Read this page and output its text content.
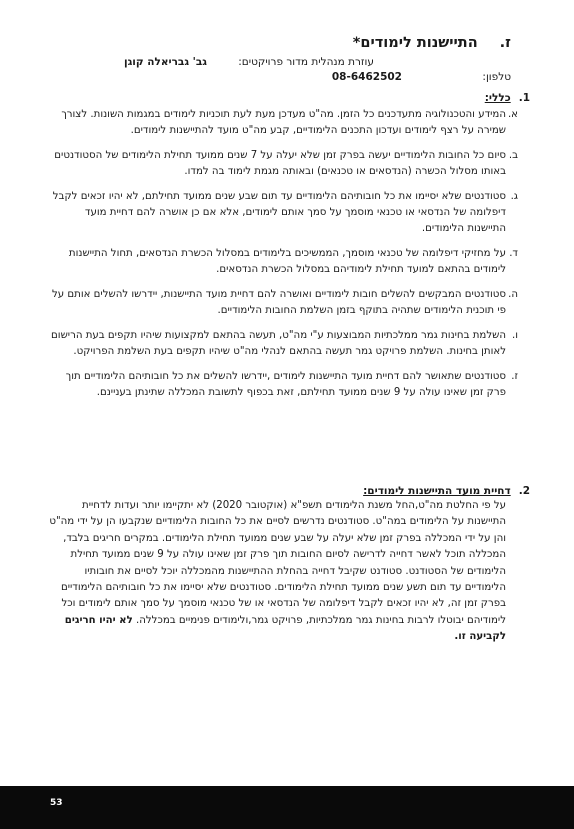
ז.התיישנות לימודים*
עוזרת מנהלית מדור פרויקטים:
גב' גבריאלה קוגן
טלפון:
08-6462502
1.כללי:
א.
המידע והטכנולוגיה מתעדכנים כל הזמן. מה"ט מעדכן מעת לעת תוכניות לימודים במגמות השונות. לצורך שמירה על רצף לימודים ועדכון התכנים הלימודיים, קבע מה"ט מועד להתיישנות לימודים.
ב.
סיום כל החובות הלימודיים יעשה בפרק זמן שלא יעלה על 7 שנים ממועד תחילת הלימודים של הסטודנטים באותו מסלול הכשרה (הנדסאים או טכנאים) ובאותה מגמת לימוד בה למדו.
ג.
סטודנטים שלא יסיימו את כל חובותיהם הלימודיים עד תום שבע שנים ממועד תחילתם, לא יהיו זכאים לקבל דיפלומה של הנדסאי או טכנאי מוסמך על סמך אותם לימודים, אלא אם כן אושרה להם דחיית מועד התיישנות הלימודים.
ד.
על מחזיקי דיפלומה של טכנאי מוסמך, הממשיכים בלימודים במסלול הכשרת הנדסאים, תחול התיישנות לימודים בהתאם למועד תחילת לימודיהם במסלול הכשרת הנדסאים.
ה.
סטודנטים המבקשים להשלים חובות לימודיים ואושרה להם דחיית מועד התיישנות, יידרשו להשלים אותם על פי תוכנית הלימודים שתהיה בתוקף בזמן השלמת החובות הלימודיים.
ו.
השלמת בחינות גמר ממלכתיות המבוצעות ע"י מה"ט, תעשה בהתאם למקצועות שיהיו תקפים בעת הרישום לאותן בחינות. השלמת פרויקט גמר תעשה בהתאם לנהלי מה"ט שיהיו תקפים בעת השלמת הפרויקט.
ז.
סטודנטים שתאושר להם דחיית מועד התיישנות לימודים ,יידרשו להשלים את כל חובותיהם הלימודיים תוך פרק זמן שאינו עולה על 9 שנים ממועד תחילתם, זאת בכפוף לתשובת המכללה שתינתן בעניינם.
2.דחיית מועד התיישנות לימודים:
על פי החלטת מה"ט,החל משנת הלימודים תשפ"א (אוקטובר 2020) לא יתקיימו יותר ועדות לדחיית התיישנות על הלימודים במה"ט. סטודנטים נדרשים לסיים את כל החובות הלימודיים שנקבעו הן על ידי מה"ט והן על ידי המכללה בפרק זמן שלא יעלה על שבע שנים ממועד תחילת הלימודים. במקרים חריגים בלבד, המכללה תוכל לאשר דחייה לדרישה לסיום החובות תוך פרק זמן שאינו עולה על 9 שנים ממועד תחילת הלימודים של הסטודנט. סטודנט שקיבל דחייה בהחלת ההתיישנות מהמכללה יוכל לסיים את חובותיו הלימודיים עד תום תשע שנים ממועד תחילת הלימודים. סטודנטים שלא יסיימו את כל חובותיהם הלימודיים בפרק זמן זה, לא יהיו זכאים לקבל דיפלומה של הנדסאי או של טכנאי מוסמך על סמך אותם לימודים וכל לימודיהם יבוטלו לרבות בחינות גמר ממלכתיות, פרויקט גמר,ולימודים פנימיים במכללה. לא יהיו חריגים לקביעה זו.
53
